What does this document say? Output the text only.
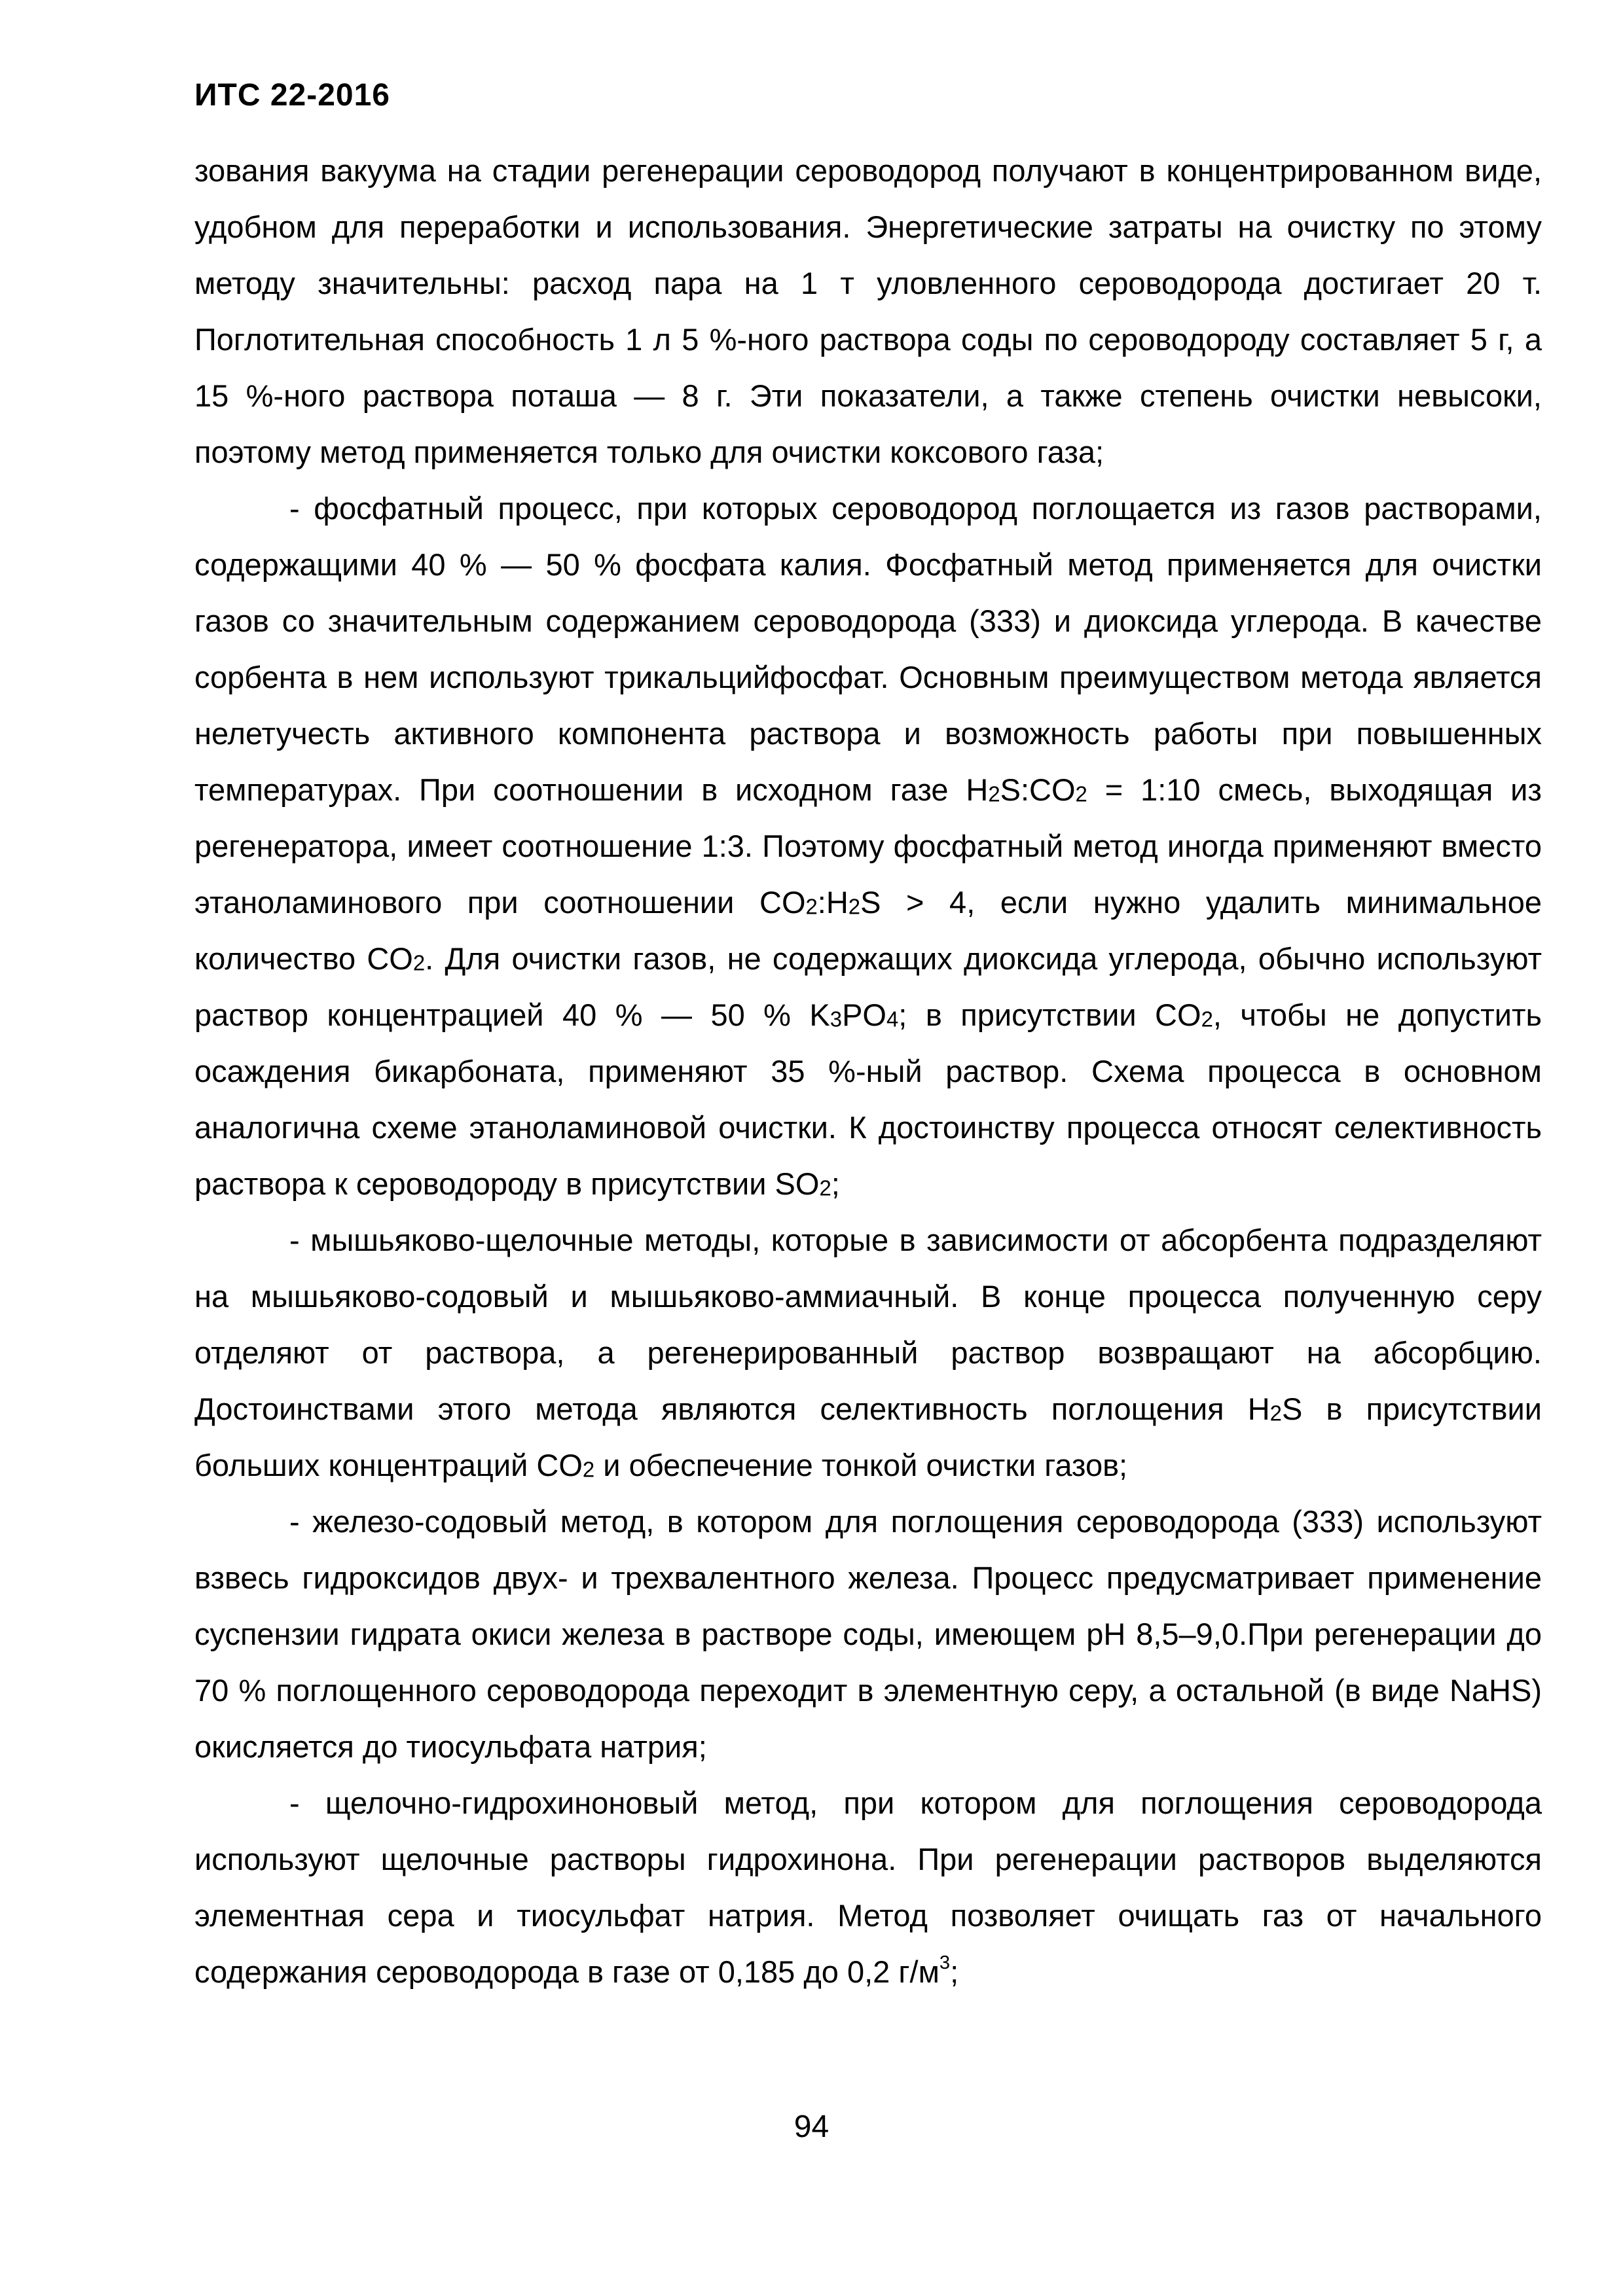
ИТС 22-2016

зования вакуума на стадии регенерации сероводород получают в концентрированном виде, удобном для переработки и использования. Энергетические затраты на очистку по этому методу значительны: расход пара на 1 т уловленного сероводорода достигает 20 т. Поглотительная способность 1 л 5 %-ного раствора соды по сероводороду составляет 5 г, а 15 %-ного раствора поташа — 8 г. Эти показатели, а также степень очистки невысоки, поэтому метод применяется только для очистки коксового газа;

- фосфатный процесс, при которых сероводород поглощается из газов растворами, содержащими 40 % — 50 % фосфата калия. Фосфатный метод применяется для очистки газов со значительным содержанием сероводорода (333) и диоксида углерода. В качестве сорбента в нем используют трикальцийфосфат. Основным преимуществом метода является нелетучесть активного компонента раствора и возможность работы при повышенных температурах. При соотношении в исходном газе $H_2S:CO_2$ = 1:10 смесь, выходящая из регенератора, имеет соотношение 1:3. Поэтому фосфатный метод иногда применяют вместо этаноламинового при соотношении $CO_2:H_2S > 4$, если нужно удалить минимальное количество $CO_2$. Для очистки газов, не содержащих диоксида углерода, обычно используют раствор концентрацией 40 % — 50 % $K_3PO_4$; в присутствии $CO_2$, чтобы не допустить осаждения бикарбоната, применяют 35 %-ный раствор. Схема процесса в основном аналогична схеме этаноламиновой очистки. К достоинству процесса относят селективность раствора к сероводороду в присутствии $SO_2$;

- мышьяково-щелочные методы, которые в зависимости от абсорбента подразделяют на мышьяково-содовый и мышьяково-аммиачный. В конце процесса полученную серу отделяют от раствора, а регенерированный раствор возвращают на абсорбцию. Достоинствами этого метода являются селективность поглощения $H_2S$ в присутствии больших концентраций $CO_2$ и обеспечение тонкой очистки газов;

- железо-содовый метод, в котором для поглощения сероводорода (333) используют взвесь гидроксидов двух- и трехвалентного железа. Процесс предусматривает применение суспензии гидрата окиси железа в растворе соды, имеющем pH 8,5–9,0.При регенерации до 70 % поглощенного сероводорода переходит в элементную серу, а остальной (в виде NaHS) окисляется до тиосульфата натрия;

- щелочно-гидрохиноновый метод, при котором для поглощения сероводорода используют щелочные растворы гидрохинона. При регенерации растворов выделяются элементная сера и тиосульфат натрия. Метод позволяет очищать газ от начального содержания сероводорода в газе от 0,185 до 0,2 $г/м^3$;

94
